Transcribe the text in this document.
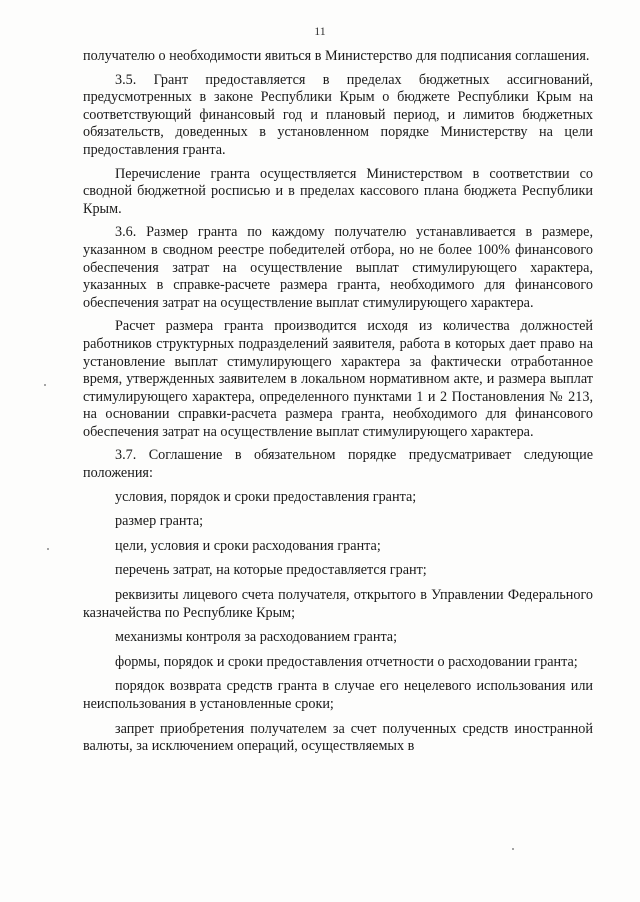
11

получателю о необходимости явиться в Министерство для подписания соглашения.

3.5. Грант предоставляется в пределах бюджетных ассигнований, предусмотренных в законе Республики Крым о бюджете Республики Крым на соответствующий финансовый год и плановый период, и лимитов бюджетных обязательств, доведенных в установленном порядке Министерству на цели предоставления гранта.

Перечисление гранта осуществляется Министерством в соответствии со сводной бюджетной росписью и в пределах кассового плана бюджета Республики Крым.

3.6. Размер гранта по каждому получателю устанавливается в размере, указанном в сводном реестре победителей отбора, но не более 100% финансового обеспечения затрат на осуществление выплат стимулирующего характера, указанных в справке-расчете размера гранта, необходимого для финансового обеспечения затрат на осуществление выплат стимулирующего характера.

Расчет размера гранта производится исходя из количества должностей работников структурных подразделений заявителя, работа в которых дает право на установление выплат стимулирующего характера за фактически отработанное время, утвержденных заявителем в локальном нормативном акте, и размера выплат стимулирующего характера, определенного пунктами 1 и 2 Постановления № 213, на основании справки-расчета размера гранта, необходимого для финансового обеспечения затрат на осуществление выплат стимулирующего характера.

3.7. Соглашение в обязательном порядке предусматривает следующие положения:

условия, порядок и сроки предоставления гранта;

размер гранта;

цели, условия и сроки расходования гранта;

перечень затрат, на которые предоставляется грант;

реквизиты лицевого счета получателя, открытого в Управлении Федерального казначейства по Республике Крым;

механизмы контроля за расходованием гранта;

формы, порядок и сроки предоставления отчетности о расходовании гранта;

порядок возврата средств гранта в случае его нецелевого использования или неиспользования в установленные сроки;

запрет приобретения получателем за счет полученных средств иностранной валюты, за исключением операций, осуществляемых в
